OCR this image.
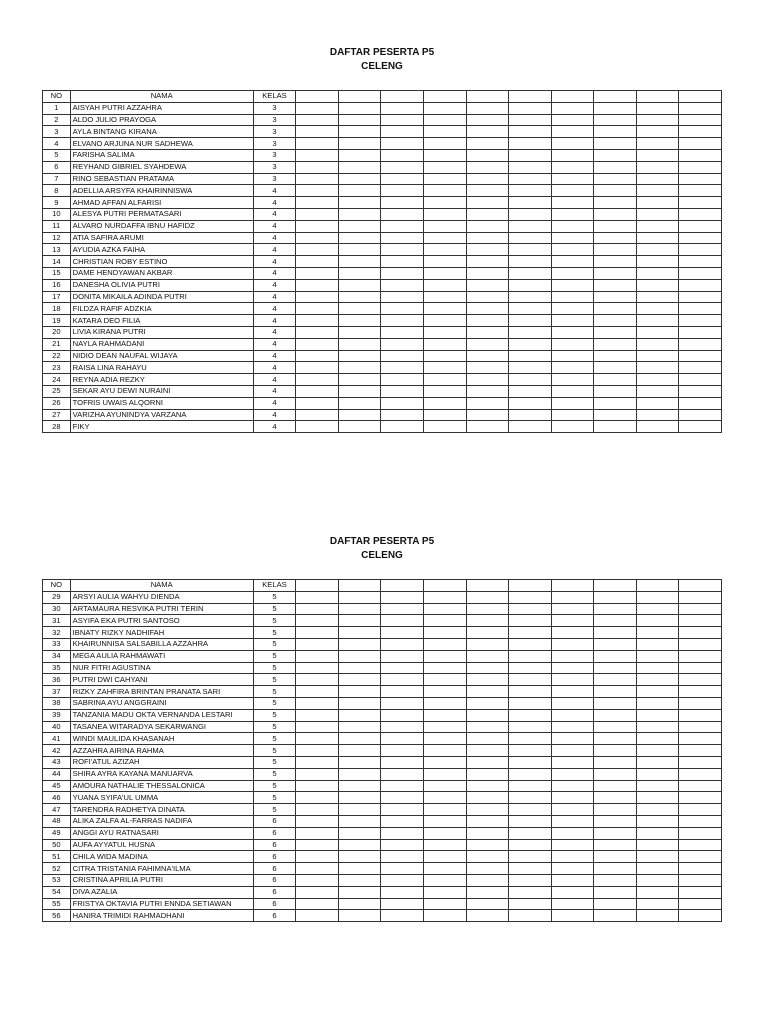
DAFTAR PESERTA P5

CELENG

NO	NAMA	KELAS										
1	AISYAH PUTRI AZZAHRA	3										
2	ALDO JULIO PRAYOGA	3										
3	AYLA BINTANG KIRANA	3										
4	ELVANO ARJUNA NUR SADHEWA	3										
5	FARISHA SALIMA	3										
6	REYHAND GIBRIEL SYAHDEWA	3										
7	RINO SEBASTIAN PRATAMA	3										
8	ADELLIA ARSYFA KHAIRINNISWA	4										
9	AHMAD AFFAN ALFARISI	4										
10	ALESYA PUTRI PERMATASARI	4										
11	ALVARO NURDAFFA IBNU HAFIDZ	4										
12	ATIA SAFIRA ARUMI	4										
13	AYUDIA AZKA FAIHA	4										
14	CHRISTIAN ROBY ESTINO	4										
15	DAME HENDYAWAN AKBAR	4										
16	DANESHA OLIVIA PUTRI	4										
17	DONITA MIKAILA ADINDA PUTRI	4										
18	FILDZA RAFIF ADZKIA	4										
19	KATARA DEO FILIA	4										
20	LIVIA KIRANA PUTRI	4										
21	NAYLA RAHMADANI	4										
22	NIDIO DEAN NAUFAL WIJAYA	4										
23	RAISA LINA RAHAYU	4										
24	REYNA ADIA REZKY	4										
25	SEKAR AYU DEWI NURAINI	4										
26	TOFRIS UWAIS ALQORNI	4										
27	VARIZHA AYUNINDYA VARZANA	4										
28	FIKY	4										

DAFTAR PESERTA P5

CELENG

NO	NAMA	KELAS										
29	ARSYI AULIA WAHYU DIENDA	5										
30	ARTAMAURA RESVIKA PUTRI TERIN	5										
31	ASYIFA EKA PUTRI SANTOSO	5										
32	IBNATY RIZKY NADHIFAH	5										
33	KHAIRUNNISA SALSABILLA AZZAHRA	5										
34	MEGA AULIA RAHMAWATI	5										
35	NUR FITRI AGUSTINA	5										
36	PUTRI DWI CAHYANI	5										
37	RIZKY ZAHFIRA BRINTAN PRANATA SARI	5										
38	SABRINA AYU ANGGRAINI	5										
39	TANZANIA MADU OKTA VERNANDA LESTARI	5										
40	TASANEA WITARADYA SEKARWANGI	5										
41	WINDI MAULIDA KHASANAH	5										
42	AZZAHRA AIRINA RAHMA	5										
43	ROFI'ATUL AZIZAH	5										
44	SHIRA AYRA KAYANA MANUARVA	5										
45	AMOURA NATHALIE THESSALONICA	5										
46	YUANA SYIFA'UL UMMA	5										
47	TARENDRA RADHETYA DINATA	5										
48	ALIKA ZALFA AL-FARRAS NADIFA	6										
49	ANGGI AYU RATNASARI	6										
50	AUFA AYYATUL HUSNA	6										
51	CHILA WIDA MADINA	6										
52	CITRA TRISTANIA FAHIMNA'ILMA	6										
53	CRISTINA APRILIA PUTRI	6										
54	DIVA AZALIA	6										
55	FRISTYA OKTAVIA PUTRI ENNDA SETIAWAN	6										
56	HANIRA TRIMIDI RAHMADHANI	6										
